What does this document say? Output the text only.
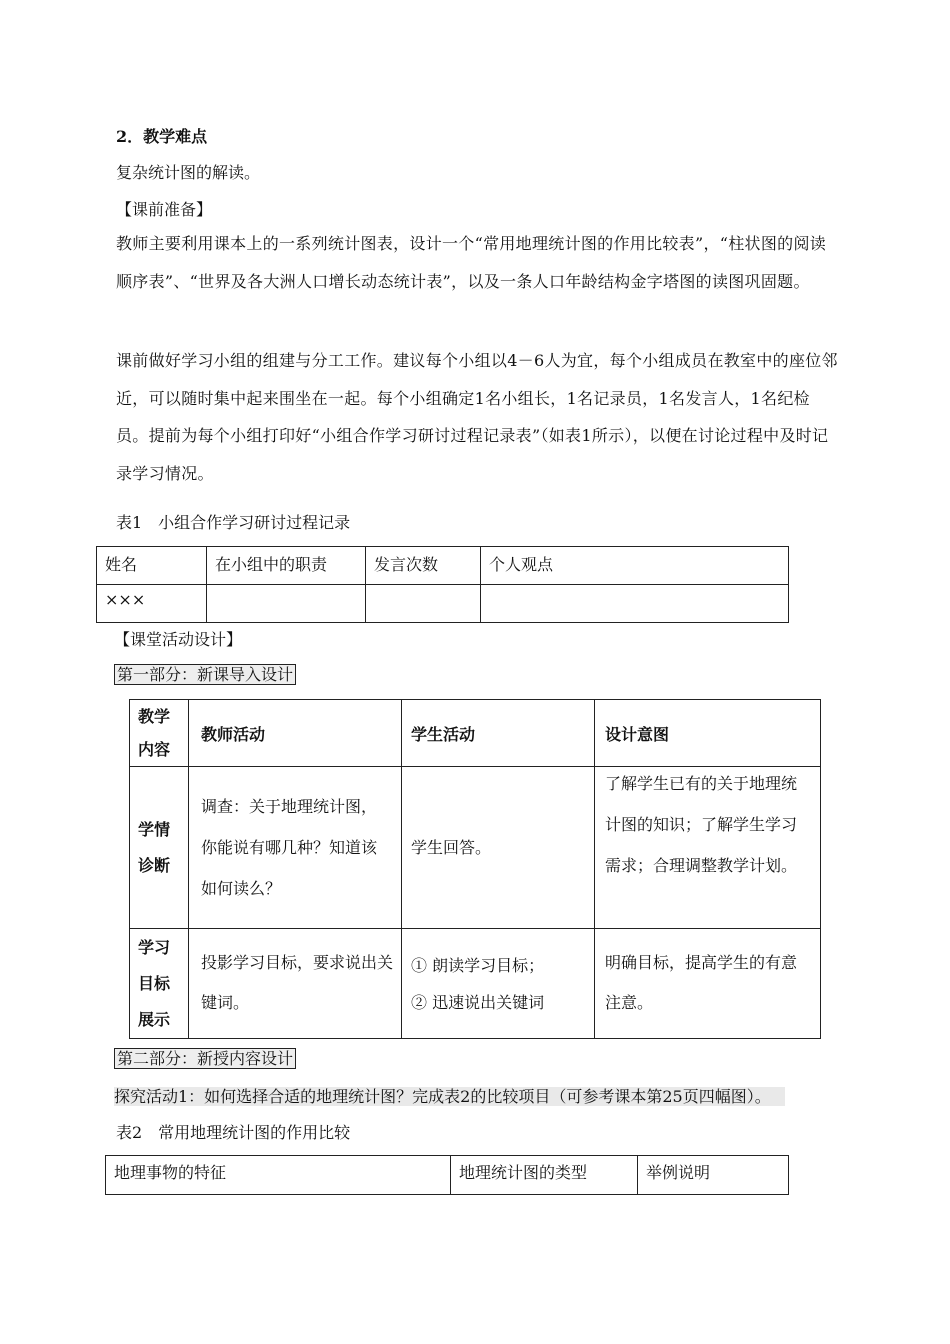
2．教学难点
复杂统计图的解读。
【课前准备】
教师主要利用课本上的一系列统计图表，设计一个“常用地理统计图的作用比较表”，“柱状图的阅读顺序表”、“世界及各大洲人口增长动态统计表”，以及一条人口年龄结构金字塔图的读图巩固题。
课前做好学习小组的组建与分工工作。建议每个小组以4－6人为宜，每个小组成员在教室中的座位邻近，可以随时集中起来围坐在一起。每个小组确定1名小组长，1名记录员，1名发言人，1名纪检员。提前为每个小组打印好“小组合作学习研讨过程记录表”（如表1所示），以便在讨论过程中及时记录学习情况。
表1　小组合作学习研讨过程记录
姓名	在小组中的职责	发言次数	个人观点
×××			
【课堂活动设计】
第一部分：新课导入设计
教学内容	教师活动	学生活动	设计意图

学情诊断	调查：关于地理统计图，你能说有哪几种？知道该如何读么？	学生回答。	了解学生已有的关于地理统计图的知识；了解学生学习需求；合理调整教学计划。

学习目标展示	投影学习目标，要求说出关键词。	① 朗读学习目标；
② 迅速说出关键词	明确目标，提高学生的有意注意。
第二部分：新授内容设计
探究活动1：如何选择合适的地理统计图？完成表2的比较项目（可参考课本第25页四幅图）。
表2　常用地理统计图的作用比较
地理事物的特征	地理统计图的类型	举例说明
